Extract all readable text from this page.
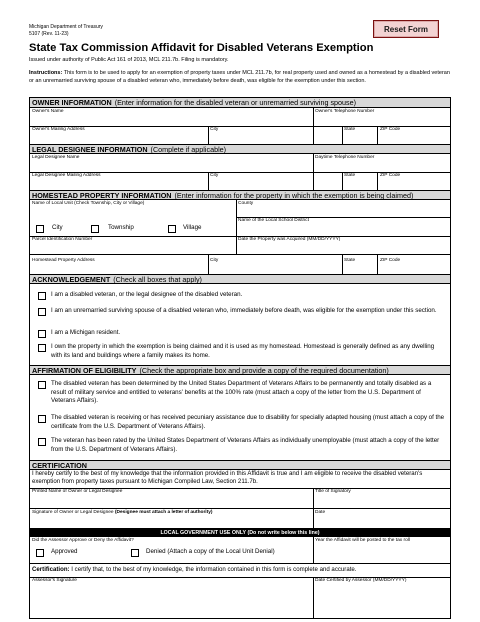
Michigan Department of Treasury
5107 (Rev. 11-23)	Reset Form
State Tax Commission Affidavit for Disabled Veterans Exemption
Issued under authority of Public Act 161 of 2013, MCL 211.7b. Filing is mandatory.
Instructions: This form is to be used to apply for an exemption of property taxes under MCL 211.7b, for real property used and owned as a homestead by a disabled veteran or an unremarried surviving spouse of a disabled veteran who, immediately before death, was eligible for the exemption under this section.
OWNER INFORMATION (Enter information for the disabled veteran or unremarried surviving spouse)
Owner's Name	Owner's Telephone Number
Owner's Mailing Address	City	State	ZIP Code
LEGAL DESIGNEE INFORMATION (Complete if applicable)
Legal Designee Name	Daytime Telephone Number
Legal Designee Mailing Address	City	State	ZIP Code
HOMESTEAD PROPERTY INFORMATION (Enter information for the property in which the exemption is being claimed)
Name of Local Unit (Check Township, City or Village)	County
Name of the Local School District
City	Township	Village
Parcel Identification Number	Date the Property was Acquired (MM/DD/YYYY)
Homestead Property Address	City	State	ZIP Code
ACKNOWLEDGEMENT (Check all boxes that apply)
I am a disabled veteran, or the legal designee of the disabled veteran.
I am an unremarried surviving spouse of a disabled veteran who, immediately before death, was eligible for the exemption under this section.
I am a Michigan resident.
I own the property in which the exemption is being claimed and it is used as my homestead. Homestead is generally defined as any dwelling with its land and buildings where a family makes its home.
AFFIRMATION OF ELIGIBILITY (Check the appropriate box and provide a copy of the required documentation)
The disabled veteran has been determined by the United States Department of Veterans Affairs to be permanently and totally disabled as a result of military service and entitled to veterans' benefits at the 100% rate (must attach a copy of the letter from the U.S. Department of Veterans Affairs).
The disabled veteran is receiving or has received pecuniary assistance due to disability for specially adapted housing (must attach a copy of the certificate from the U.S. Department of Veterans Affairs).
The veteran has been rated by the United States Department of Veterans Affairs as individually unemployable (must attach a copy of the letter from the U.S. Department of Veterans Affairs).
CERTIFICATION
I hereby certify to the best of my knowledge that the information provided in this Affidavit is true and I am eligible to receive the disabled veteran's exemption from property taxes pursuant to Michigan Compiled Law, Section 211.7b.
Printed Name of Owner or Legal Designee	Title of Signatory
Signature of Owner or Legal Designee (Designee must attach a letter of authority)	Date
LOCAL GOVERNMENT USE ONLY (Do not write below this line)
Did the Assessor Approve or Deny the Affidavit?	Year the Affidavit will be posted to the tax roll
Approved	Denied (Attach a copy of the Local Unit Denial)
Certification: I certify that, to the best of my knowledge, the information contained in this form is complete and accurate.
Assessor's Signature	Date Certified by Assessor (MM/DD/YYYY)
